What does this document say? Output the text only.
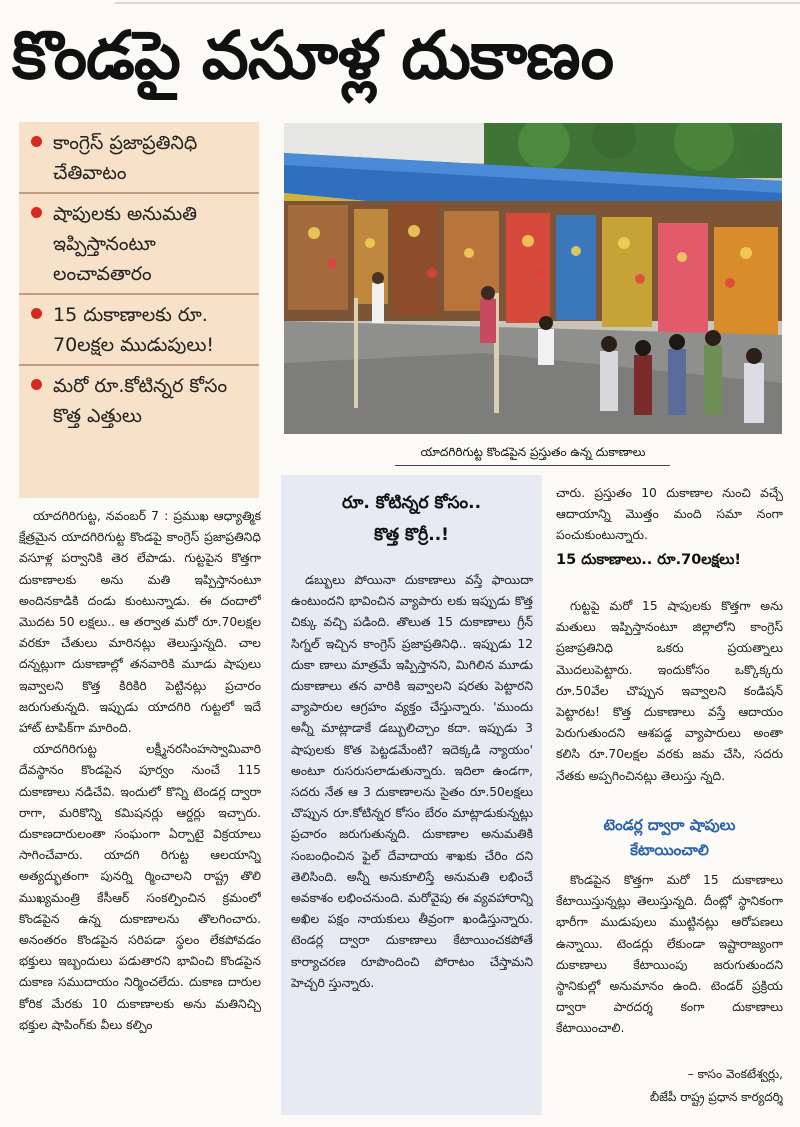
కొండపై వసూళ్ల దుకాణం
కాంగ్రెస్ ప్రజాప్రతినిధి చేతివాటం
షాపులకు అనుమతి ఇప్పిస్తానంటూ లంచావతారం
15 దుకాణాలకు రూ. 70లక్షల ముడుపులు!
మరో రూ.కోటిన్నర కోసం కొత్త ఎత్తులు
యాదగిరిగుట్ట కొండపైన ప్రస్తుతం ఉన్న దుకాణాలు

యాదగిరిగుట్ట, నవంబర్ 7 : ప్రముఖ ఆధ్యాత్మిక క్షేత్రమైన యాదగిరిగుట్ట కొండపై కాంగ్రెస్ ప్రజాప్రతినిధి వసూళ్ల పర్వానికి తెర లేపాడు. గుట్టపైన కొత్తగా దుకాణాలకు అను మతి ఇప్పిస్తానంటూ అందినకాడికి దండు కుంటున్నాడు. ఈ దందాలో మొదట 50 లక్షలు.. ఆ తర్వాత మరో రూ.70లక్షల వరకూ చేతులు మారినట్లు తెలుస్తున్నది. చాల దన్నట్లుగా దుకాణాల్లో తనవారికి మూడు షాపులు ఇవ్వాలని కొత్త కిరికిరి పెట్టినట్లు ప్రచారం జరుగుతున్నది. ఇప్పుడు యాదగిరి గుట్టలో ఇదే హాట్ టాపిక్‌గా మారింది.

యాదగిరిగుట్ట లక్ష్మీనరసింహస్వామివారి దేవస్థానం కొండపైన పూర్వం నుంచే 115 దుకాణాలు నడిచేవి. ఇందులో కొన్ని టెండర్ల ద్వారా రాగా, మరికొన్ని కమిషనర్లు ఆర్డర్లు ఇచ్చారు. దుకాణదారులంతా సంఘంగా ఏర్పాటై విక్రయాలు సాగించేవారు. యాదగి రిగుట్ట ఆలయాన్ని అత్యద్భుతంగా పునర్ని ర్మించాలని రాష్ట్ర తొలి ముఖ్యమంత్రి కేసీఆర్ సంకల్పించిన క్రమంలో కొండపైన ఉన్న దుకాణాలను తొలగించారు. అనంతరం కొండపైన సరిపడా స్థలం లేకపోవడం భక్తులు ఇబ్బందులు పడుతారని భావించి కొండపైన దుకాణ సముదాయం నిర్మించలేదు. దుకాణ దారుల కోరిక మేరకు 10 దుకాణాలకు అను మతినిచ్చి భక్తుల షాపింగ్‌కు వీలు కల్పిం

రూ. కోటిన్నర కోసం..
కొత్త కొర్రీ..!

డబ్బులు పోయినా దుకాణాలు వస్తే ఫాయిదా ఉంటుందని భావించిన వ్యాపారు లకు ఇప్పుడు కొత్త చిక్కు వచ్చి పడింది. తొలుత 15 దుకాణాలు గ్రీన్ సిగ్నల్ ఇచ్చిన కాంగ్రెస్ ప్రజాప్రతినిధి.. ఇప్పుడు 12 దుకా ణాలు మాత్రమే ఇప్పిస్తానని, మిగిలిన మూడు దుకాణాలు తన వారికి ఇవ్వాలని షరతు పెట్టారని వ్యాపారుల ఆగ్రహం వ్యక్తం చేస్తున్నారు. 'ముందు అన్నీ మాట్లాడాకే డబ్బులిచ్చాం కదా. ఇప్పుడు 3 షాపులకు కొత పెట్టడమేంటి? ఇదెక్కడి న్యాయం' అంటూ రుసరుసలాడుతున్నారు. ఇదిలా ఉండగా, సదరు నేత ఆ 3 దుకాణాలను సైతం రూ.50లక్షలు చొప్పున రూ.కోటిన్నర కోసం బేరం మాట్లాడుకున్నట్లు ప్రచారం జరుగుతున్నది. దుకాణాల అనుమతికి సంబంధించిన ఫైల్ దేవాదాయ శాఖకు చేరిం దని తెలిసింది. అన్నీ అనుకూలిస్తే అనుమతి లభించే అవకాశం లభించనుంది. మరోవైపు ఈ వ్యవహారాన్ని అఖిల పక్షం నాయకులు తీవ్రంగా ఖండిస్తున్నారు. టెండర్ల ద్వారా దుకాణాలు కేటాయించకపోతే కార్యాచరణ రూపొందించి పోరాటం చేస్తామని హెచ్చరి స్తున్నారు.

చారు. ప్రస్తుతం 10 దుకాణాల నుంచి వచ్చే ఆదాయాన్ని మొత్తం మంది సమా నంగా పంచుకుంటున్నారు.

15 దుకాణాలు.. రూ.70లక్షలు!

గుట్టపై మరో 15 షాపులకు కొత్తగా అను మతులు ఇప్పిస్తానంటూ జిల్లాలోని కాంగ్రెస్ ప్రజాప్రతినిధి ఒకరు ప్రయత్నాలు మొదలుపెట్టారు. ఇందుకోసం ఒక్కొక్కరు రూ.50వేల చొప్పున ఇవ్వాలని కండిషన్ పెట్టారట! కొత్త దుకాణాలు వస్తే ఆదాయం పెరుగుతుందని ఆశపడ్డ వ్యాపారులు అంతా కలిసి రూ.70లక్షల వరకు జమ చేసి, సదరు నేతకు అప్పగించినట్లు తెలుస్తు న్నది.

టెండర్ల ద్వారా షాపులు
కేటాయించాలి

కొండపైన కొత్తగా మరో 15 దుకాణాలు కేటాయిస్తున్నట్లు తెలుస్తున్నది. దీంట్లో స్థానికంగా భారీగా ముడుపులు ముట్టినట్లు ఆరోపణలు ఉన్నాయి. టెండర్లు లేకుండా ఇష్టారాజ్యంగా దుకాణాలు కేటాయింపు జరుగుతుందని స్థానికుల్లో అనుమానం ఉంది. టెండర్ ప్రక్రియ ద్వారా పారదర్శ కంగా దుకాణాలు కేటాయించాలి.

– కాసం వెంకటేశ్వర్లు,
బీజేపీ రాష్ట్ర ప్రధాన కార్యదర్శి
